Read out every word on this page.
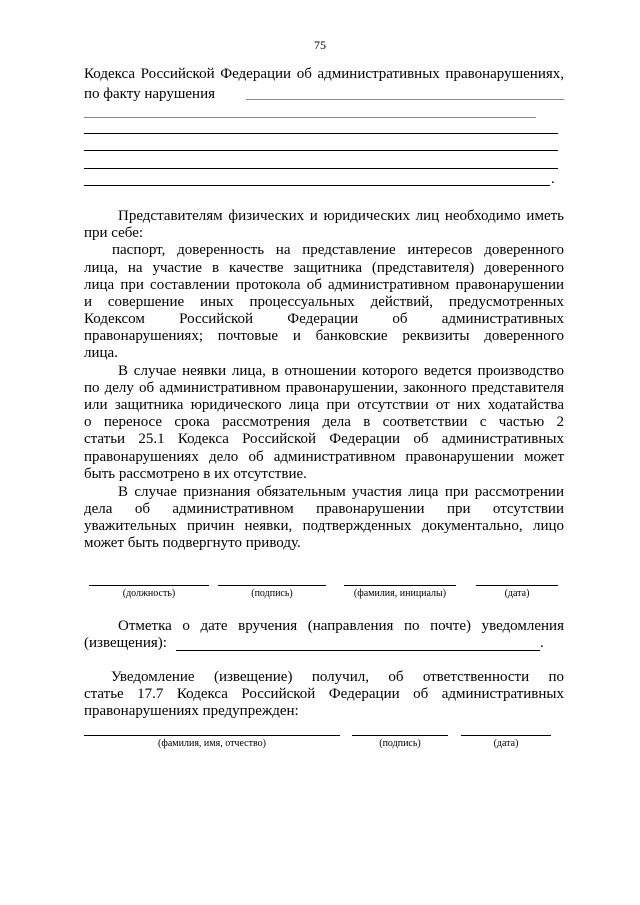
75
Кодекса Российской Федерации об административных правонарушениях,
по факту нарушения
.
Представителям физических и юридических лиц необходимо иметь
при себе:
паспорт, доверенность на представление интересов доверенного
лица, на участие в качестве защитника (представителя) доверенного
лица при составлении протокола об административном правонарушении
и совершение иных процессуальных действий, предусмотренных
Кодексом Российской Федерации об административных
правонарушениях; почтовые и банковские реквизиты доверенного
лица.
В случае неявки лица, в отношении которого ведется производство
по делу об административном правонарушении, законного представителя
или защитника юридического лица при отсутствии от них ходатайства
о переносе срока рассмотрения дела в соответствии с частью 2
статьи 25.1 Кодекса Российской Федерации об административных
правонарушениях дело об административном правонарушении может
быть рассмотрено в их отсутствие.
В случае признания обязательным участия лица при рассмотрении
дела об административном правонарушении при отсутствии
уважительных причин неявки, подтвержденных документально, лицо
может быть подвергнуто приводу.
(должность)	(подпись)	(фамилия, инициалы)	(дата)
Отметка о дате вручения (направления по почте) уведомления
(извещения):	.
Уведомление (извещение) получил, об ответственности по
статье 17.7 Кодекса Российской Федерации об административных
правонарушениях предупрежден:
(фамилия, имя, отчество)	(подпись)	(дата)
